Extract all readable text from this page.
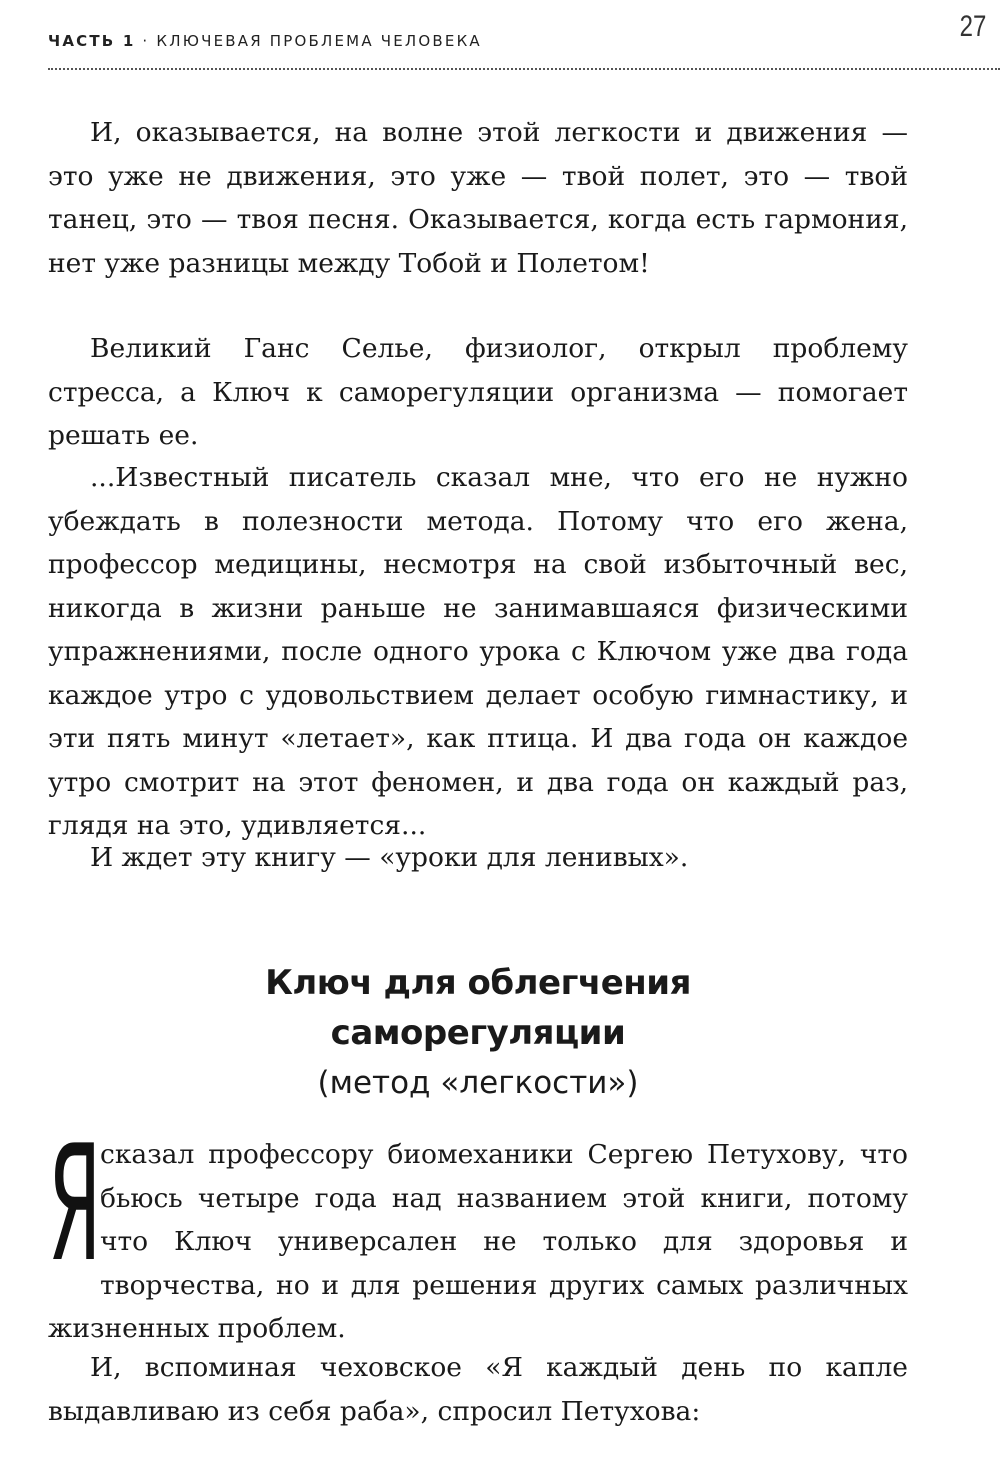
ЧАСТЬ 1 · КЛЮЧЕВАЯ ПРОБЛЕМА ЧЕЛОВЕКА	27

И, оказывается, на волне этой легкости и движения — это уже не движения, это уже — твой полет, это — твой танец, это — твоя песня. Оказывается, когда есть гармония, нет уже разницы между Тобой и Полетом!

Великий Ганс Селье, физиолог, открыл проблему стресса, а Ключ к саморегуляции организма — помогает решать ее.

...Известный писатель сказал мне, что его не нужно убеждать в полезности метода. Потому что его жена, профессор медицины, несмотря на свой избыточный вес, никогда в жизни раньше не занимавшаяся физическими упражнениями, после одного урока с Ключом уже два года каждое утро с удовольствием делает особую гимнастику, и эти пять минут «летает», как птица. И два года он каждое утро смотрит на этот феномен, и два года он каждый раз, глядя на это, удивляется...

И ждет эту книгу — «уроки для ленивых».

Ключ для облегчения
саморегуляции
(метод «легкости»)
Я

сказал профессору биомеханики Сергею Петухову, что бьюсь четыре года над названием этой книги, потому что Ключ универсален не только для здоровья и творчества, но и для решения других самых различных жизненных проблем.

И, вспоминая чеховское «Я каждый день по капле выдавливаю из себя раба», спросил Петухова:
